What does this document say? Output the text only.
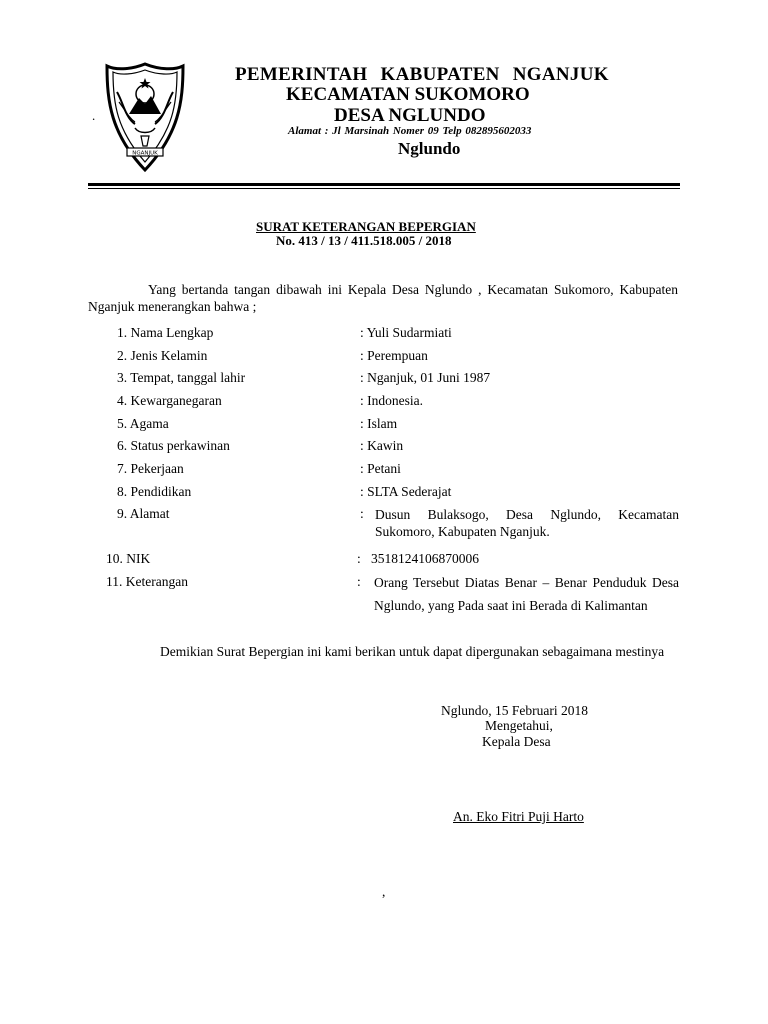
NGANJUK
.
PEMERINTAH KABUPATEN NGANJUK
KECAMATAN SUKOMORO
DESA NGLUNDO
Alamat : Jl Marsinah Nomer 09 Telp 082895602033
Nglundo
SURAT KETERANGAN BEPERGIAN
No. 413 / 13 / 411.518.005 / 2018
Yang bertanda tangan dibawah ini Kepala Desa Nglundo , Kecamatan Sukomoro, Kabupaten Nganjuk menerangkan bahwa ;
1. Nama Lengkap	: Yuli Sudarmiati
2. Jenis Kelamin	: Perempuan
3. Tempat, tanggal lahir	: Nganjuk, 01 Juni 1987
4. Kewarganegaran	: Indonesia.
5. Agama	: Islam
6. Status perkawinan	: Kawin
7. Pekerjaan	: Petani
8. Pendidikan	: SLTA Sederajat
9. Alamat	: Dusun Bulaksogo, Desa Nglundo, Kecamatan Sukomoro, Kabupaten Nganjuk.
10. NIK	: 3518124106870006
11. Keterangan	: Orang Tersebut Diatas Benar – Benar Penduduk Desa Nglundo, yang Pada saat ini Berada di Kalimantan
Demikian Surat Bepergian ini kami berikan untuk dapat dipergunakan sebagaimana mestinya
Nglundo, 15 Februari 2018
Mengetahui,
Kepala Desa
An. Eko Fitri Puji Harto
,
